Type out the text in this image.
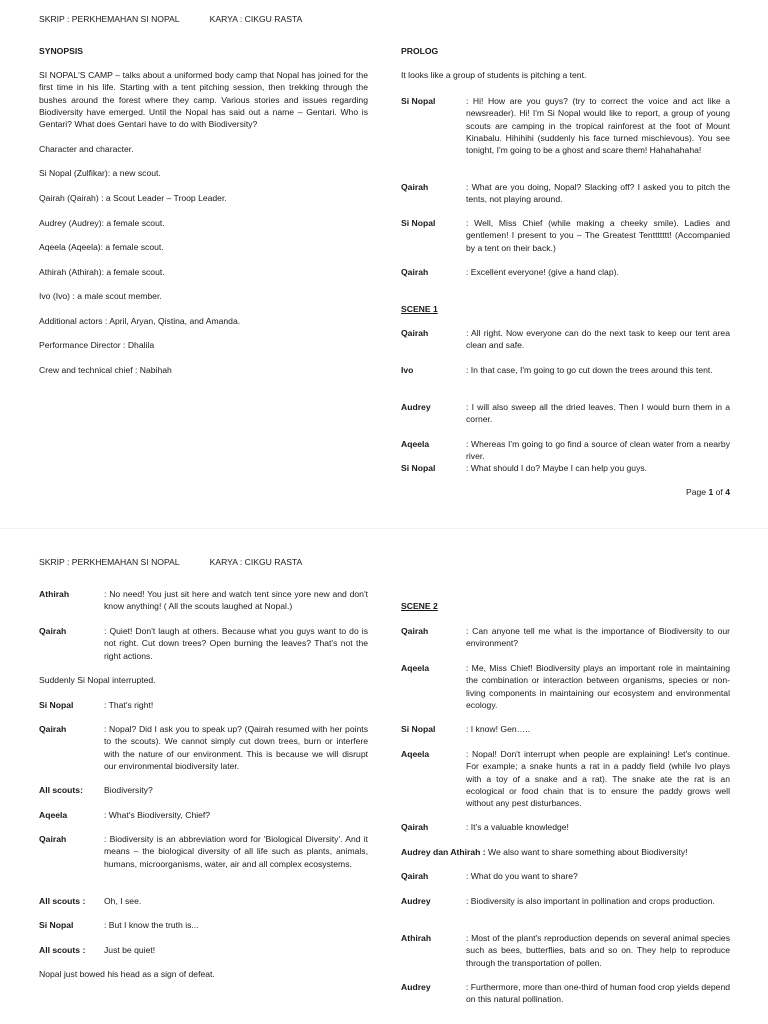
SKRIP : PERKHEMAHAN SI NOPAL	KARYA : CIKGU RASTA
SYNOPSIS
SI NOPAL'S CAMP – talks about a uniformed body camp that Nopal has joined for the first time in his life. Starting with a tent pitching session, then trekking through the bushes around the forest where they camp. Various stories and issues regarding Biodiversity have emerged. Until the Nopal has said out a name – Gentari. Who is Gentari? What does Gentari have to do with Biodiversity?
Character and character.
Si Nopal (Zulfikar): a new scout.
Qairah (Qairah) : a Scout Leader – Troop Leader.
Audrey (Audrey): a female scout.
Aqeela (Aqeela): a female scout.
Athirah (Athirah): a female scout.
Ivo (Ivo) : a male scout member.
Additional actors : April, Aryan, Qistina, and Amanda.
Performance Director : Dhalila
Crew and technical chief : Nabihah
PROLOG
It looks like a group of students is pitching a tent.
Si Nopal	: Hi! How are you guys? (try to correct the voice and act like a newsreader). Hi! I'm Si Nopal would like to report, a group of young scouts are camping in the tropical rainforest at the foot of Mount Kinabalu. Hihihihi (suddenly his face turned mischievous). You see tonight, I'm going to be a ghost and scare them! Hahahahaha!
Qairah	: What are you doing, Nopal? Slacking off? I asked you to pitch the tents, not playing around.
Si Nopal	: Well, Miss Chief (while making a cheeky smile). Ladies and gentlemen! I present to you – The Greatest Tenttttttt! (Accompanied by a tent on their back.)
Qairah	: Excellent everyone! (give a hand clap).
SCENE 1
Qairah	: All right. Now everyone can do the next task to keep our tent area clean and safe.
Ivo	: In that case, I'm going to go cut down the trees around this tent.
Audrey	: I will also sweep all the dried leaves. Then I would burn them in a corner.
Aqeela	: Whereas I'm going to go find a source of clean water from a nearby river.
Si Nopal	: What should I do? Maybe I can help you guys.
Page 1 of 4
SKRIP : PERKHEMAHAN SI NOPAL	KARYA : CIKGU RASTA
Athirah	: No need! You just sit here and watch tent since yore new and don't know anything! ( All the scouts laughed at Nopal.)
Qairah	: Quiet! Don't laugh at others. Because what you guys want to do is not right. Cut down trees? Open burning the leaves? That's not the right actions.
Suddenly Si Nopal interrupted.
Si Nopal	: That's right!
Qairah	: Nopal? Did I ask you to speak up? (Qairah resumed with her points to the scouts). We cannot simply cut down trees, burn or interfere with the nature of our environment. This is because we will disrupt our environmental biodiversity later.
All scouts: Biodiversity?
Aqeela	: What's Biodiversity, Chief?
Qairah	: Biodiversity is an abbreviation word for 'Biological Diversity'. And it means – the biological diversity of all life such as plants, animals, humans, microorganisms, water, air and all complex ecosystems.
All scouts : Oh, I see.
Si Nopal	: But I know the truth is...
All scouts : Just be quiet!
Nopal just bowed his head as a sign of defeat.
SCENE 2
Qairah	: Can anyone tell me what is the importance of Biodiversity to our environment?
Aqeela	: Me, Miss Chief! Biodiversity plays an important role in maintaining the combination or interaction between organisms, species or non-living components in maintaining our ecosystem and environmental ecology.
Si Nopal	: I know! Gen…..
Aqeela	: Nopal! Don't interrupt when people are explaining! Let's continue. For example; a snake hunts a rat in a paddy field (while Ivo plays with a toy of a snake and a rat). The snake ate the rat is an ecological or food chain that is to ensure the paddy grows well without any pest disturbances.
Qairah	: It's a valuable knowledge!
Audrey dan Athirah : We also want to share something about Biodiversity!
Qairah	: What do you want to share?
Audrey	: Biodiversity is also important in pollination and crops production.
Athirah	: Most of the plant's reproduction depends on several animal species such as bees, butterflies, bats and so on. They help to reproduce through the transportation of pollen.
Audrey	: Furthermore, more than one-third of human food crop yields depend on this natural pollination.
